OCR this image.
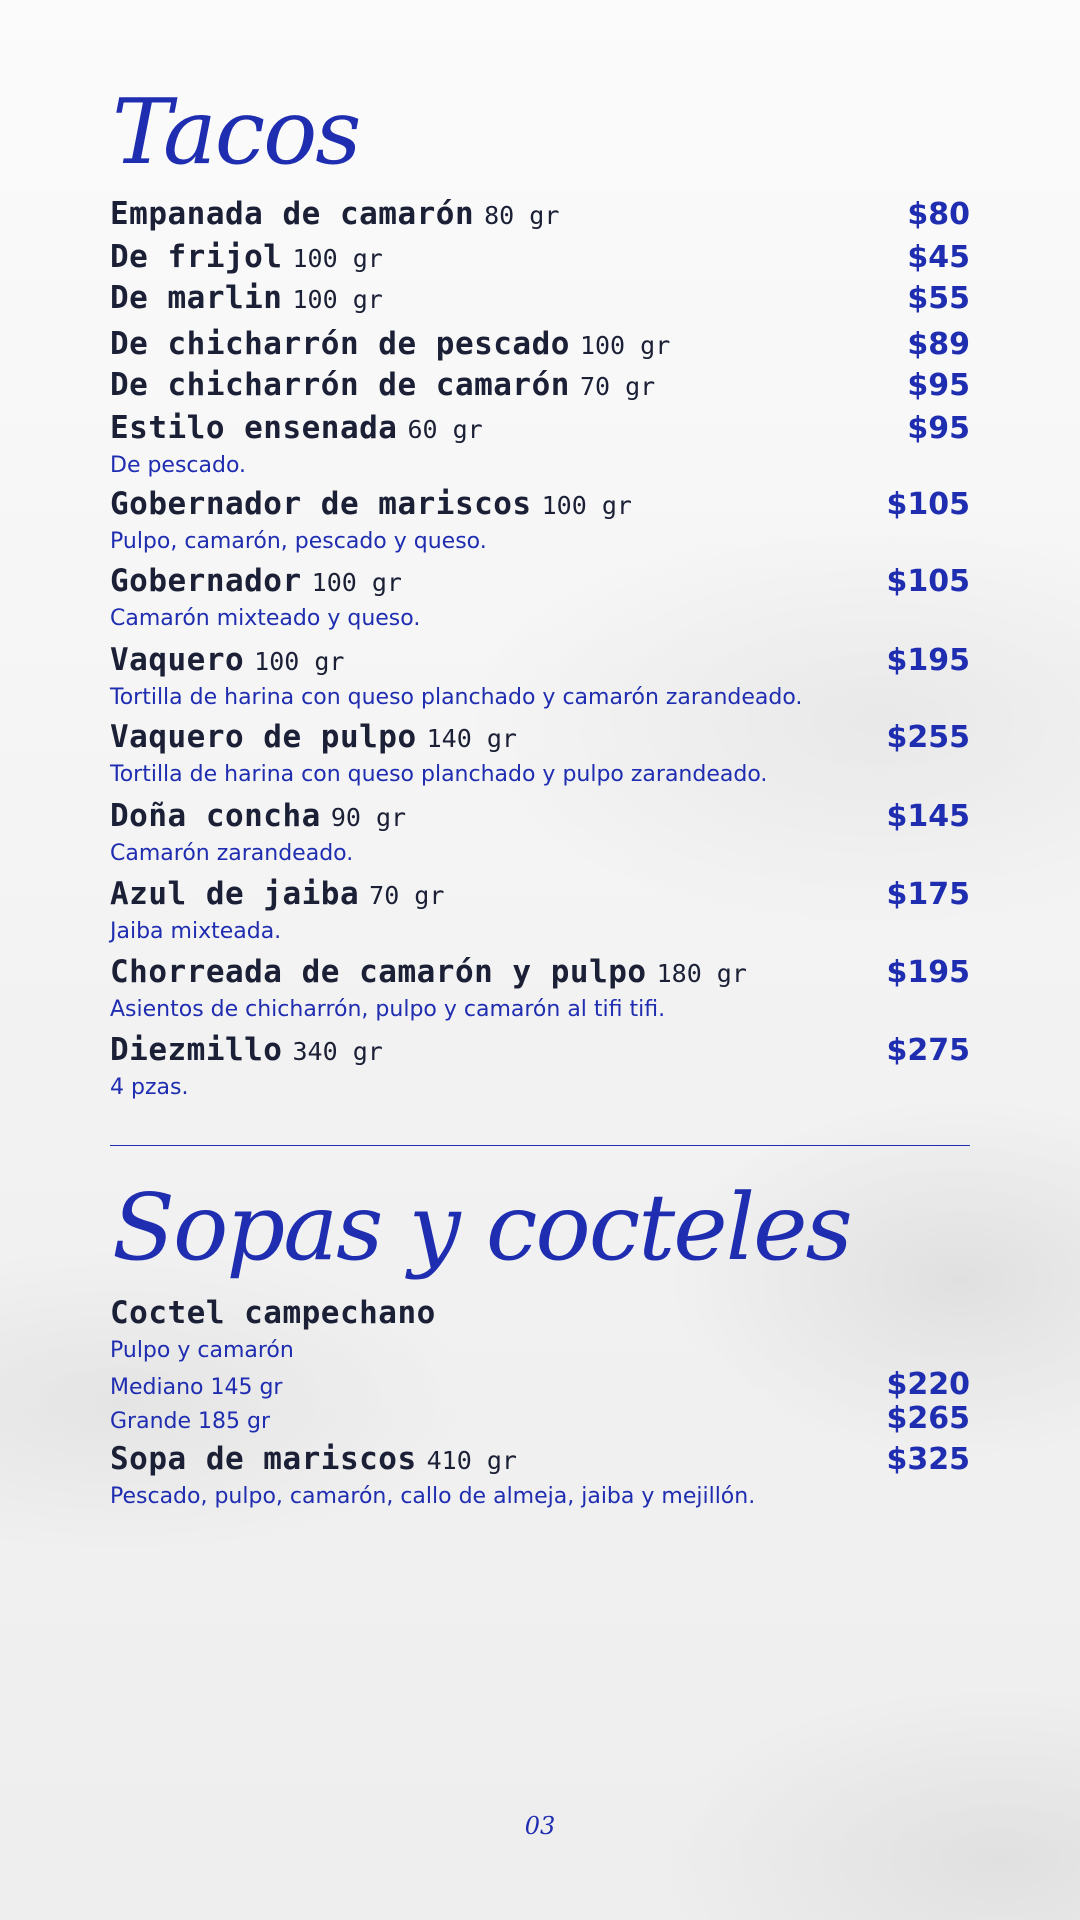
Tacos
Empanada de camarón 80 gr	$80
De frijol 100 gr	$45
De marlin 100 gr	$55
De chicharrón de pescado 100 gr	$89
De chicharrón de camarón 70 gr	$95
Estilo ensenada 60 gr	$95
De pescado.
Gobernador de mariscos 100 gr	$105
Pulpo, camarón, pescado y queso.
Gobernador 100 gr	$105
Camarón mixteado y queso.
Vaquero 100 gr	$195
Tortilla de harina con queso planchado y camarón zarandeado.
Vaquero de pulpo 140 gr	$255
Tortilla de harina con queso planchado y pulpo zarandeado.
Doña concha 90 gr	$145
Camarón zarandeado.
Azul de jaiba 70 gr	$175
Jaiba mixteada.
Chorreada de camarón y pulpo 180 gr	$195
Asientos de chicharrón, pulpo y camarón al tifi tifi.
Diezmillo 340 gr	$275
4 pzas.
Sopas y cocteles
Coctel campechano
Pulpo y camarón
Mediano 145 gr	$220
Grande 185 gr	$265
Sopa de mariscos 410 gr	$325
Pescado, pulpo, camarón, callo de almeja, jaiba y mejillón.
03
